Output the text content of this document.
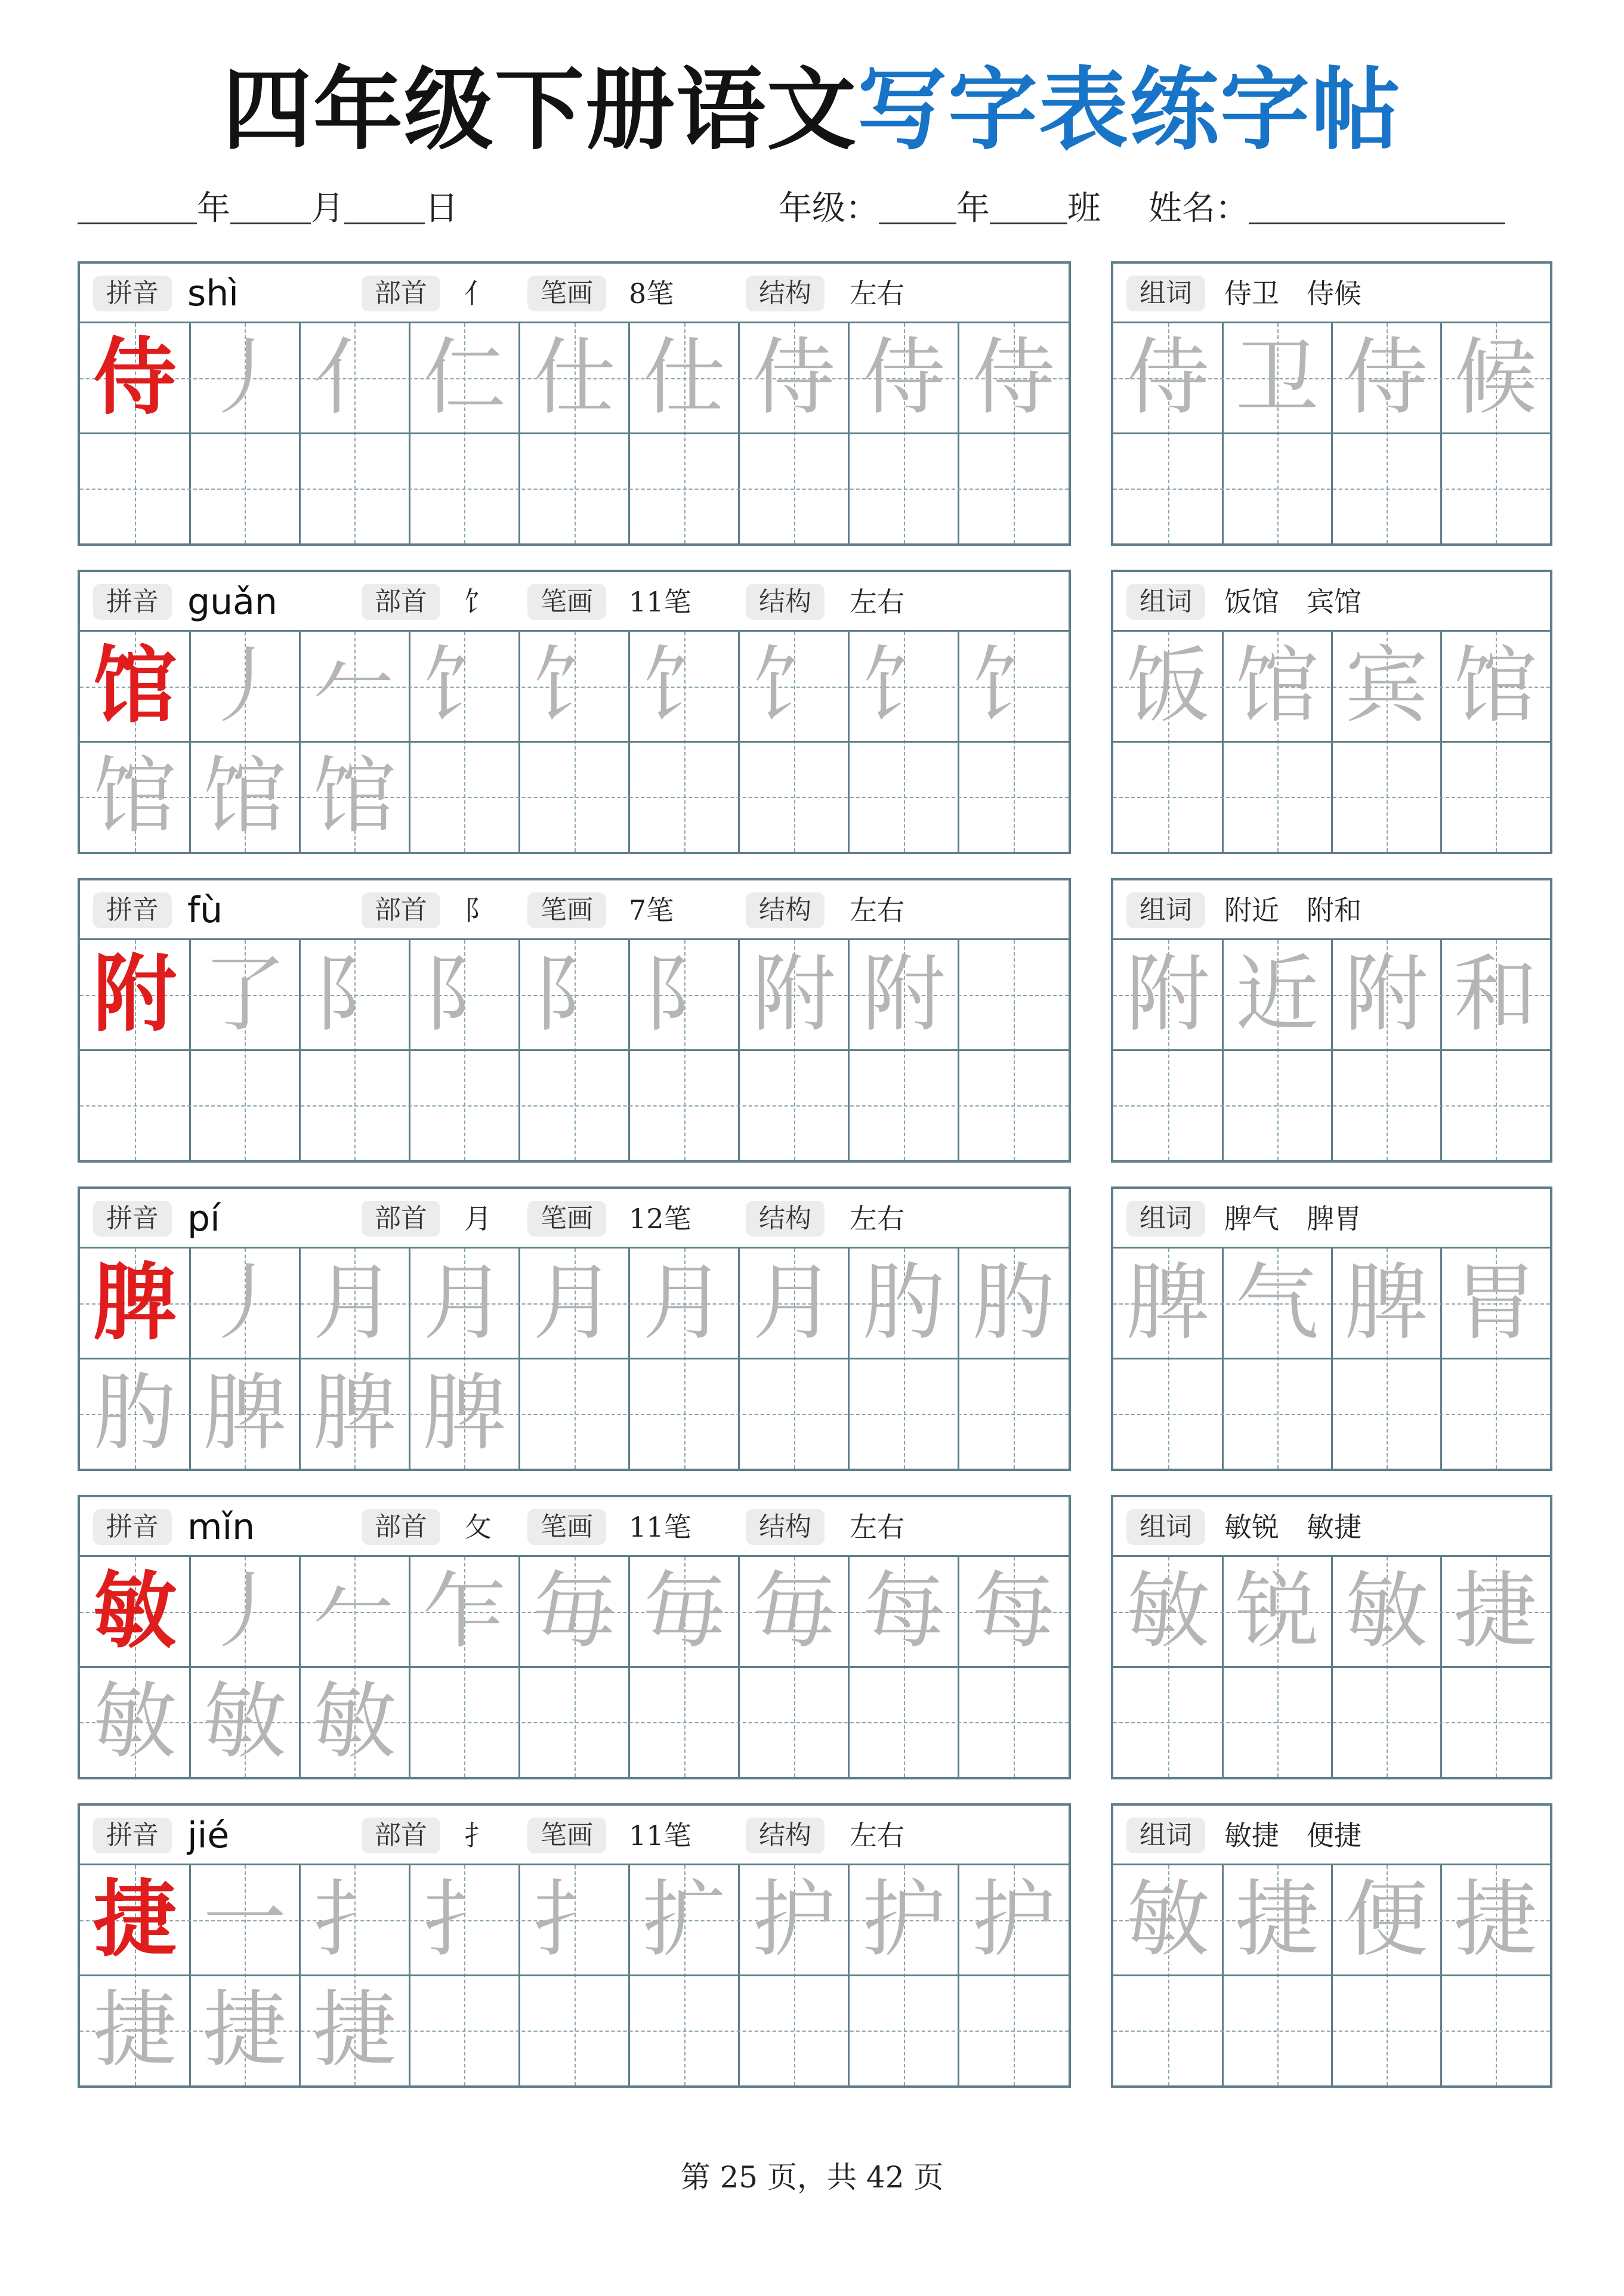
四年级下册语文写字表练字帖
年 月 日	年级： 年 班 姓名：
拼音 shì	部首	亻	笔画	8笔	结构	左右
侍 丿 亻 仁 仕 仕 侍 侍 侍
组词	侍卫　侍候
侍 卫 侍 候
拼音 guǎn	部首	饣	笔画	11笔	结构	左右
馆 丿 𠂉 饣 饣 饣 饣 饣 饣
馆 馆 馆
组词	饭馆　宾馆
饭 馆 宾 馆
拼音 fù	部首	阝	笔画	7笔	结构	左右
附 了 阝 阝 阝 阝 附 附
组词	附近　附和
附 近 附 和
拼音 pí	部首	月	笔画	12笔	结构	左右
脾 丿 月 月 月 月 月 肑 肑
肑 脾 脾 脾
组词	脾气　脾胃
脾 气 脾 胃
拼音 mǐn	部首	攵	笔画	11笔	结构	左右
敏 丿 𠂉 乍 毎 毎 毎 每 每
敏 敏 敏
组词	敏锐　敏捷
敏 锐 敏 捷
拼音 jié	部首	扌	笔画	11笔	结构	左右
捷 一 扌 扌 扌 扩 护 护 护
捷 捷 捷
组词	敏捷　便捷
敏 捷 便 捷
第 25 页，共 42 页
